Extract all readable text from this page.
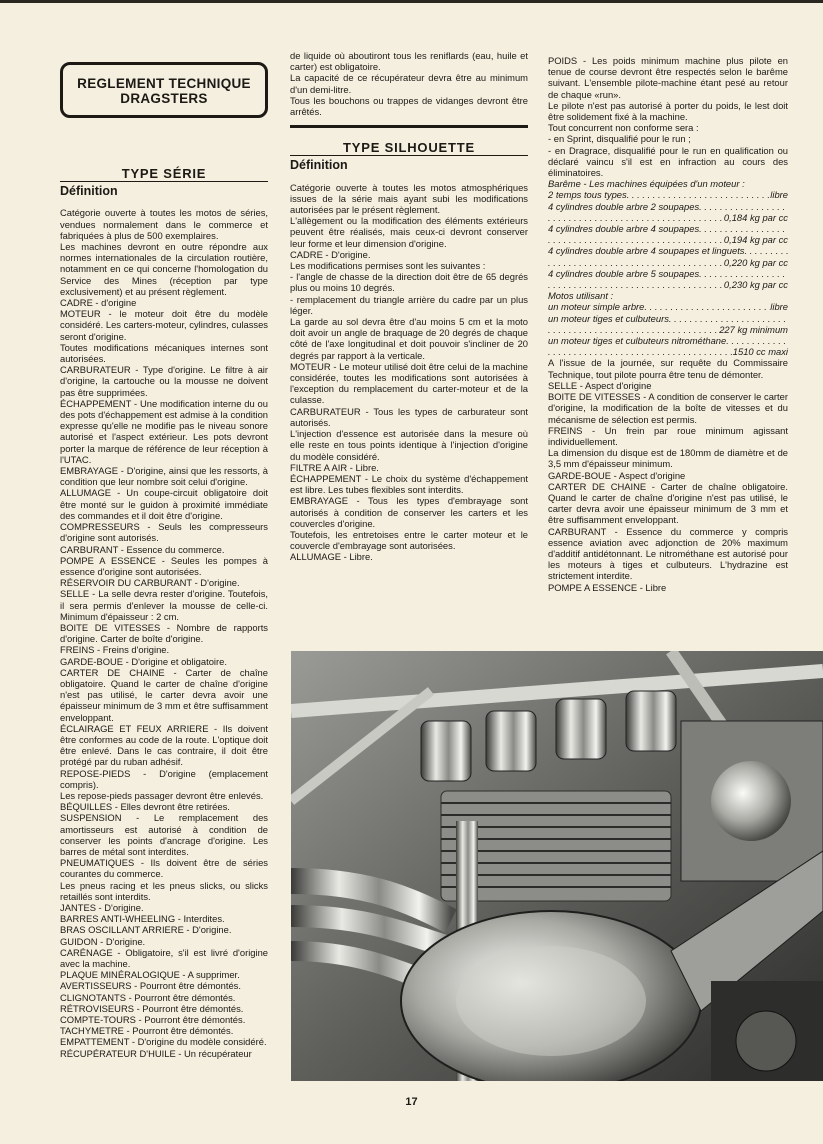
REGLEMENT TECHNIQUE
DRAGSTERS
TYPE SÉRIE
Définition

Catégorie ouverte à toutes les motos de séries, vendues normalement dans le commerce et fabriquées à plus de 500 exemplaires.

Les machines devront en outre répondre aux normes internationales de la circulation routière, notamment en ce qui concerne l'homologation du Service des Mines (réception par type exclusivement) et au présent règlement.

CADRE - d'origine

MOTEUR - le moteur doit être du modèle considéré. Les carters-moteur, cylindres, culasses seront d'origine.

Toutes modifications mécaniques internes sont autorisées.

CARBURATEUR - Type d'origine. Le filtre à air d'origine, la cartouche ou la mousse ne doivent pas être supprimées.

ÉCHAPPEMENT - Une modification interne du ou des pots d'échappement est admise à la condition expresse qu'elle ne modifie pas le niveau sonore autorisé et l'aspect extérieur. Les pots devront porter la marque de référence de leur réception à l'UTAC.

EMBRAYAGE - D'origine, ainsi que les ressorts, à condition que leur nombre soit celui d'origine.

ALLUMAGE - Un coupe-circuit obligatoire doit être monté sur le guidon à proximité immédiate des commandes et il doit être d'origine.

COMPRESSEURS - Seuls les compresseurs d'origine sont autorisés.

CARBURANT - Essence du commerce.

POMPE A ESSENCE - Seules les pompes à essence d'origine sont autorisées.

RÉSERVOIR DU CARBURANT - D'origine.

SELLE - La selle devra rester d'origine. Toutefois, il sera permis d'enlever la mousse de celle-ci. Minimum d'épaisseur : 2 cm.

BOITE DE VITESSES - Nombre de rapports d'origine. Carter de boîte d'origine.

FREINS - Freins d'origine.

GARDE-BOUE - D'origine et obligatoire.

CARTER DE CHAINE - Carter de chaîne obligatoire. Quand le carter de chaîne d'origine n'est pas utilisé, le carter devra avoir une épaisseur minimum de 3 mm et être suffisamment enveloppant.

ÉCLAIRAGE ET FEUX ARRIERE - Ils doivent être conformes au code de la route. L'optique doit être enlevé. Dans le cas contraire, il doit être protégé par du ruban adhésif.

REPOSE-PIEDS - D'origine (emplacement compris).

Les repose-pieds passager devront être enlevés.

BÉQUILLES - Elles devront être retirées.

SUSPENSION - Le remplacement des amortisseurs est autorisé à condition de conserver les points d'ancrage d'origine. Les barres de métal sont interdites.

PNEUMATIQUES - Ils doivent être de séries courantes du commerce.

Les pneus racing et les pneus slicks, ou slicks retaillés sont interdits.

JANTES - D'origine.

BARRES ANTI-WHEELING - Interdites.

BRAS OSCILLANT ARRIERE - D'origine.

GUIDON - D'origine.

CARÉNAGE - Obligatoire, s'il est livré d'origine avec la machine.

PLAQUE MINÉRALOGIQUE - A supprimer.

AVERTISSEURS - Pourront être démontés.

CLIGNOTANTS - Pourront être démontés.

RÉTROVISEURS - Pourront être démontés.

COMPTE-TOURS - Pourront être démontés.

TACHYMETRE - Pourront être démontés.

EMPATTEMENT - D'origine du modèle considéré.

RÉCUPÉRATEUR D'HUILE - Un récupérateur

de liquide où aboutiront tous les reniflards (eau, huile et carter) est obligatoire.

La capacité de ce récupérateur devra être au minimum d'un demi-litre.

Tous les bouchons ou trappes de vidanges devront être arrêtés.

TYPE SILHOUETTE
Définition

Catégorie ouverte à toutes les motos atmosphériques issues de la série mais ayant subi les modifications autorisées par le présent règlement.

L'allègement ou la modification des éléments extérieurs peuvent être réalisés, mais ceux-ci devront conserver leur forme et leur dimension d'origine.

CADRE - D'origine.

Les modifications permises sont les suivantes :

- l'angle de chasse de la direction doit être de 65 degrés plus ou moins 10 degrés.

- remplacement du triangle arrière du cadre par un plus léger.

La garde au sol devra être d'au moins 5 cm et la moto doit avoir un angle de braquage de 20 degrés de chaque côté de l'axe longitudinal et doit pouvoir s'incliner de 20 degrés par rapport à la verticale.

MOTEUR - Le moteur utilisé doit être celui de la machine considérée, toutes les modifications sont autorisées à l'exception du remplacement du carter-moteur et de la culasse.

CARBURATEUR - Tous les types de carburateur sont autorisés.

L'injection d'essence est autorisée dans la mesure où elle reste en tous points identique à l'injection d'origine du modèle considéré.

FILTRE A AIR - Libre.

ÉCHAPPEMENT - Le choix du système d'échappement est libre. Les tubes flexibles sont interdits.

EMBRAYAGE - Tous les types d'embrayage sont autorisés à condition de conserver les carters et les couvercles d'origine.

Toutefois, les entretoises entre le carter moteur et le couvercle d'embrayage sont autorisées.

ALLUMAGE - Libre.

POIDS - Les poids minimum machine plus pilote en tenue de course devront être respectés selon le barême suivant. L'ensemble pilote-machine étant pesé au retour de chaque «run».

Le pilote n'est pas autorisé à porter du poids, le lest doit être solidement fixé à la machine.

Tout concurrent non conforme sera :

- en Sprint, disqualifié pour le run ;

- en Dragrace, disqualifié pour le run en qualification ou déclaré vaincu s'il est en infraction au cours des éliminatoires.

Barême - Les machines équipées d'un moteur :

2 temps tous types . . .	libre
4 cylindres double arbre 2 soupapes
. . .
. . .
0,184 kg par cc
4 cylindres double arbre 4 soupapes
. . .
. . .
0,194 kg par cc
4 cylindres double arbre 4 soupapes et linguets
. . .
. . .
0,220 kg par cc
4 cylindres double arbre 5 soupapes
. . .
. . .
0,230 kg par cc

Motos utilisant :

un moteur simple arbre . . .	libre
un moteur tiges et culbuteurs
. . .
. . .
227 kg minimum
un moteur tiges et culbuteurs nitrométhane
. . .
. . .
1510 cc maxi

A l'issue de la journée, sur requête du Commissaire Technique, tout pilote pourra être tenu de démonter.

SELLE - Aspect d'origine

BOITE DE VITESSES - A condition de conserver le carter d'origine, la modification de la boîte de vitesses et du mécanisme de sélection est permis.

FREINS - Un frein par roue minimum agissant individuellement.

La dimension du disque est de 180mm de diamètre et de 3,5 mm d'épaisseur minimum.

GARDE-BOUE - Aspect d'origine

CARTER DE CHAINE - Carter de chaîne obligatoire. Quand le carter de chaîne d'origine n'est pas utilisé, le carter devra avoir une épaisseur minimum de 3 mm et être suffisamment enveloppant.

CARBURANT - Essence du commerce y compris essence aviation avec adjonction de 20% maximum d'additif antidétonnant. Le nitrométhane est autorisé pour les moteurs à tiges et culbuteurs. L'hydrazine est strictement interdite.

POMPE A ESSENCE - Libre

17
